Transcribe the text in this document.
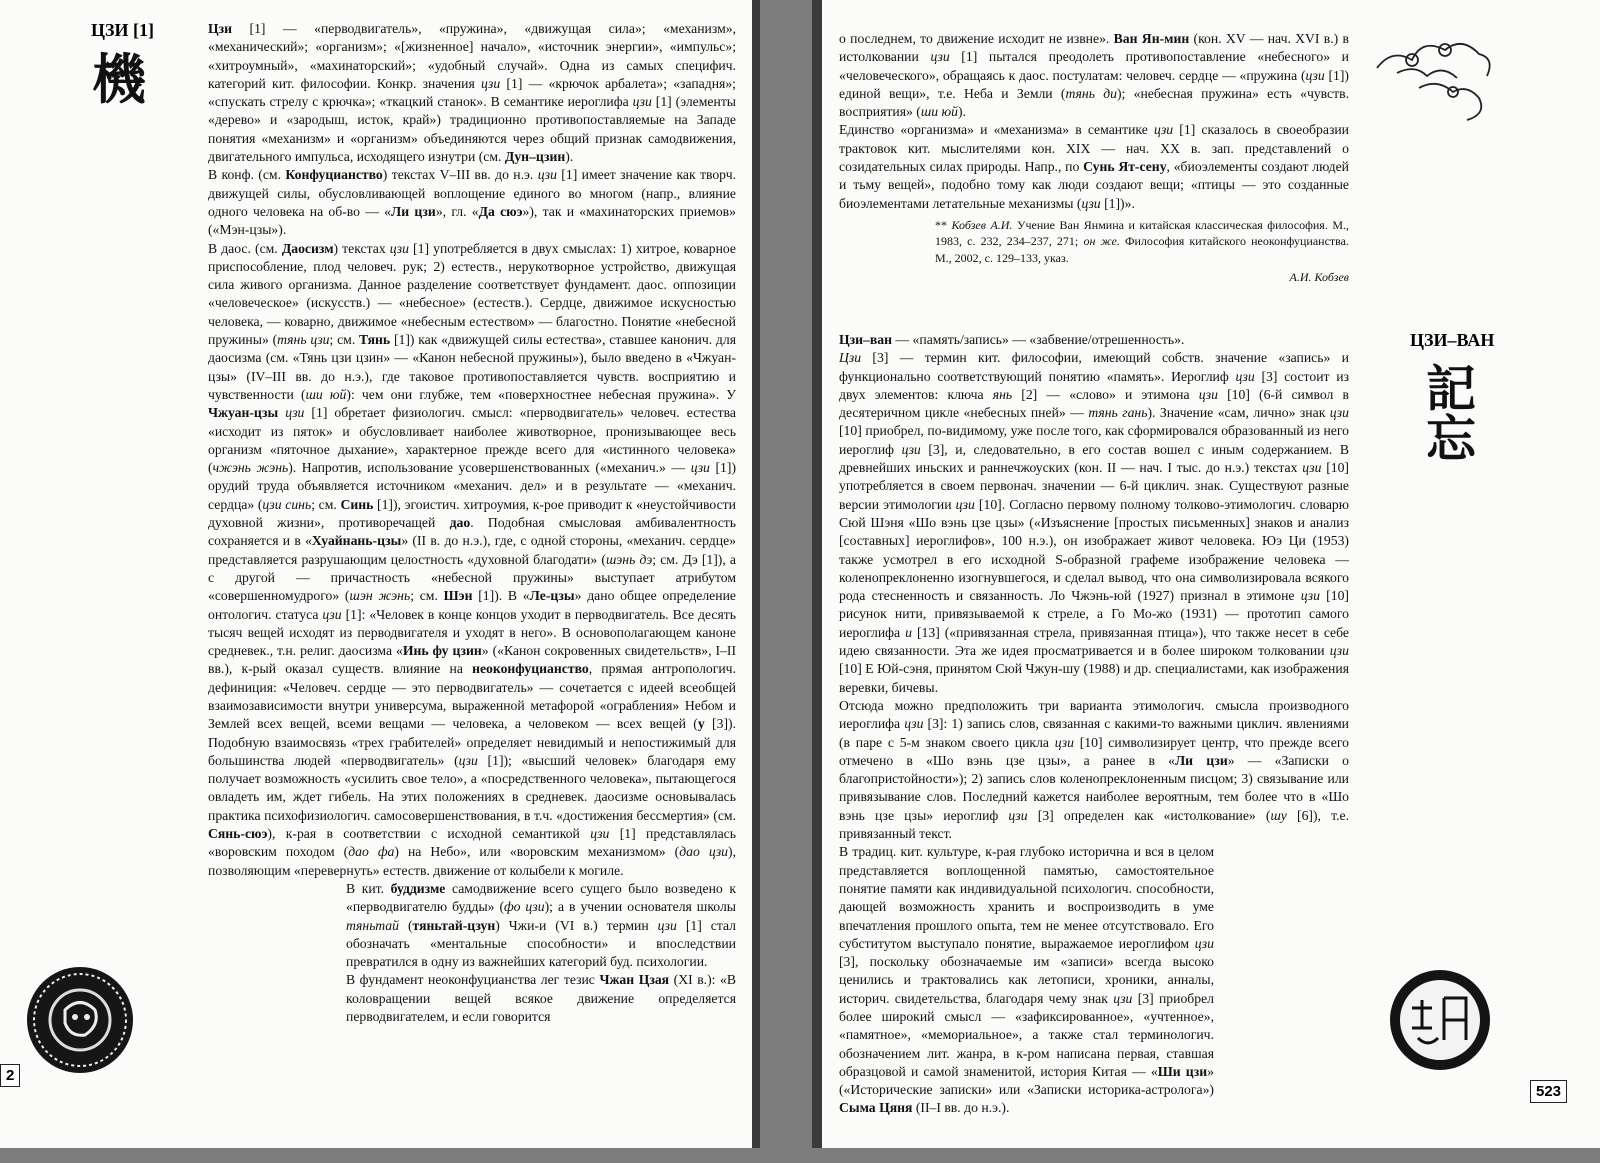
ЦЗИ [1]
機

Цзи [1] — «перводвигатель», «пружина», «движущая сила»; «механизм», «механический»; «организм»; «[жизненное] начало», «источник энергии», «импульс»; «хитроумный», «махинаторский»; «удобный случай». Одна из самых специфич. категорий кит. философии. Конкр. значения цзи [1] — «крючок арбалета»; «западня»; «спускать стрелу с крючка»; «ткацкий станок». В семантике иероглифа цзи [1] (элементы «дерево» и «зародыш, исток, край») традиционно противопоставляемые на Западе понятия «механизм» и «организм» объединяются через общий признак самодвижения, двигательного импульса, исходящего изнутри (см. Дун–цзин).

В конф. (см. Конфуцианство) текстах V–III вв. до н.э. цзи [1] имеет значение как творч. движущей силы, обусловливающей воплощение единого во многом (напр., влияние одного человека на об-во — «Ли цзи», гл. «Да сюэ»), так и «махинаторских приемов» («Мэн-цзы»).

В даос. (см. Даосизм) текстах цзи [1] употребляется в двух смыслах: 1) хитрое, коварное приспособление, плод человеч. рук; 2) естеств., нерукотворное устройство, движущая сила живого организма. Данное разделение соответствует фундамент. даос. оппозиции «человеческое» (искусств.) — «небесное» (естеств.). Сердце, движимое искусностью человека, — коварно, движимое «небесным естеством» — благостно. Понятие «небесной пружины» (тянь цзи; см. Тянь [1]) как «движущей силы естества», ставшее канонич. для даосизма (см. «Тянь цзи цзин» — «Канон небесной пружины»), было введено в «Чжуан-цзы» (IV–III вв. до н.э.), где таковое противопоставляется чувств. восприятию и чувственности (ши юй): чем они глубже, тем «поверхностнее небесная пружина». У Чжуан-цзы цзи [1] обретает физиологич. смысл: «перводвигатель» человеч. естества «исходит из пяток» и обусловливает наиболее животворное, пронизывающее весь организм «пяточное дыхание», характерное прежде всего для «истинного человека» (чжэнь жэнь). Напротив, использование усовершенствованных («механич.» — цзи [1]) орудий труда объявляется источником «механич. дел» и в результате — «механич. сердца» (цзи синь; см. Синь [1]), эгоистич. хитроумия, к-рое приводит к «неустойчивости духовной жизни», противоречащей дао. Подобная смысловая амбивалентность сохраняется и в «Хуайнань-цзы» (II в. до н.э.), где, с одной стороны, «механич. сердце» представляется разрушающим целостность «духовной благодати» (шэнь дэ; см. Дэ [1]), а с другой — причастность «небесной пружины» выступает атрибутом «совершенномудрого» (шэн жэнь; см. Шэн [1]). В «Ле-цзы» дано общее определение онтологич. статуса цзи [1]: «Человек в конце концов уходит в перводвигатель. Все десять тысяч вещей исходят из перводвигателя и уходят в него». В основополагающем каноне средневек., т.н. религ. даосизма «Инь фу цзин» («Канон сокровенных свидетельств», I–II вв.), к-рый оказал существ. влияние на неоконфуцианство, прямая антропологич. дефиниция: «Человеч. сердце — это перводвигатель» — сочетается с идеей всеобщей взаимозависимости внутри универсума, выраженной метафорой «ограбления» Небом и Землей всех вещей, всеми вещами — человека, а человеком — всех вещей (у [3]). Подобную взаимосвязь «трех грабителей» определяет невидимый и непостижимый для большинства людей «перводвигатель» (цзи [1]); «высший человек» благодаря ему получает возможность «усилить свое тело», а «посредственного человека», пытающегося овладеть им, ждет гибель. На этих положениях в средневек. даосизме основывалась практика психофизиологич. самосовершенствования, в т.ч. «достижения бессмертия» (см. Сянь-сюэ), к-рая в соответствии с исходной семантикой цзи [1] представлялась «воровским походом (дао фа) на Небо», или «воровским механизмом» (дао цзи), позволяющим «перевернуть» естеств. движение от колыбели к могиле.

В кит. буддизме самодвижение всего сущего было возведено к «перводвигателю будды» (фо цзи); а в учении основателя школы тяньтай (тяньтай-цзун) Чжи-и (VI в.) термин цзи [1] стал обозначать «ментальные способности» и впоследствии превратился в одну из важнейших категорий буд. психологии.

В фундамент неоконфуцианства лег тезис Чжан Цзая (XI в.): «В коловращении вещей всякое движение определяется перводвигателем, и если говорится

2

о последнем, то движение исходит не извне». Ван Ян-мин (кон. XV — нач. XVI в.) в истолковании цзи [1] пытался преодолеть противопоставление «небесного» и «человеческого», обращаясь к даос. постулатам: человеч. сердце — «пружина (цзи [1]) единой вещи», т.е. Неба и Земли (тянь ди); «небесная пружина» есть «чувств. восприятия» (ши юй).

Единство «организма» и «механизма» в семантике цзи [1] сказалось в своеобразии трактовок кит. мыслителями кон. XIX — нач. XX в. зап. представлений о созидательных силах природы. Напр., по Сунь Ят-сену, «биоэлементы создают людей и тьму вещей», подобно тому как люди создают вещи; «птицы — это созданные биоэлементами летательные механизмы (цзи [1])».

** Кобзев А.И. Учение Ван Янмина и китайская классическая философия. М., 1983, с. 232, 234–237, 271; он же. Философия китайского неоконфуцианства. М., 2002, с. 129–133, указ.

А.И. Кобзев

ЦЗИ–ВАН
記忘

Цзи–ван — «память/запись» — «забвение/отрешенность».

Цзи [3] — термин кит. философии, имеющий собств. значение «запись» и функционально соответствующий понятию «память». Иероглиф цзи [3] состоит из двух элементов: ключа янь [2] — «слово» и этимона цзи [10] (6-й символ в десятеричном цикле «небесных пней» — тянь гань). Значение «сам, лично» знак цзи [10] приобрел, по-видимому, уже после того, как сформировался образованный из него иероглиф цзи [3], и, следовательно, в его состав вошел с иным содержанием. В древнейших иньских и раннечжоуских (кон. II — нач. I тыс. до н.э.) текстах цзи [10] употребляется в своем первонач. значении — 6-й циклич. знак. Существуют разные версии этимологии цзи [10]. Согласно первому полному толково-этимологич. словарю Сюй Шэня «Шо вэнь цзе цзы» («Изъяснение [простых письменных] знаков и анализ [составных] иероглифов», 100 н.э.), он изображает живот человека. Юэ Ци (1953) также усмотрел в его исходной S-образной графеме изображение человека — коленопреклоненно изогнувшегося, и сделал вывод, что она символизировала всякого рода стесненность и связанность. Ло Чжэнь-юй (1927) признал в этимоне цзи [10] рисунок нити, привязываемой к стреле, а Го Мо-жо (1931) — прототип самого иероглифа и [13] («привязанная стрела, привязанная птица»), что также несет в себе идею связанности. Эта же идея просматривается и в более широком толковании цзи [10] Е Юй-сэня, принятом Сюй Чжун-шу (1988) и др. специалистами, как изображения веревки, бичевы.

Отсюда можно предположить три варианта этимологич. смысла производного иероглифа цзи [3]: 1) запись слов, связанная с какими-то важными циклич. явлениями (в паре с 5-м знаком своего цикла цзи [10] символизирует центр, что прежде всего отмечено в «Шо вэнь цзе цзы», а ранее в «Ли цзи» — «Записки о благопристойности»); 2) запись слов коленопреклоненным писцом; 3) связывание или привязывание слов. Последний кажется наиболее вероятным, тем более что в «Шо вэнь цзе цзы» иероглиф цзи [3] определен как «истолкование» (шу [6]), т.е. привязанный текст.

В традиц. кит. культуре, к-рая глубоко исторична и вся в целом представляется воплощенной памятью, самостоятельное понятие памяти как индивидуальной психологич. способности, дающей возможность хранить и воспроизводить в уме впечатления прошлого опыта, тем не менее отсутствовало. Его субститутом выступало понятие, выражаемое иероглифом цзи [3], поскольку обозначаемые им «записи» всегда высоко ценились и трактовались как летописи, хроники, анналы, историч. свидетельства, благодаря чему знак цзи [3] приобрел более широкий смысл — «зафиксированное», «учтенное», «памятное», «мемориальное», а также стал терминологич. обозначением лит. жанра, в к-ром написана первая, ставшая образцовой и самой знаменитой, история Китая — «Ши цзи» («Исторические записки» или «Записки историка-астролога») Сыма Цяня (II–I вв. до н.э.).

523
